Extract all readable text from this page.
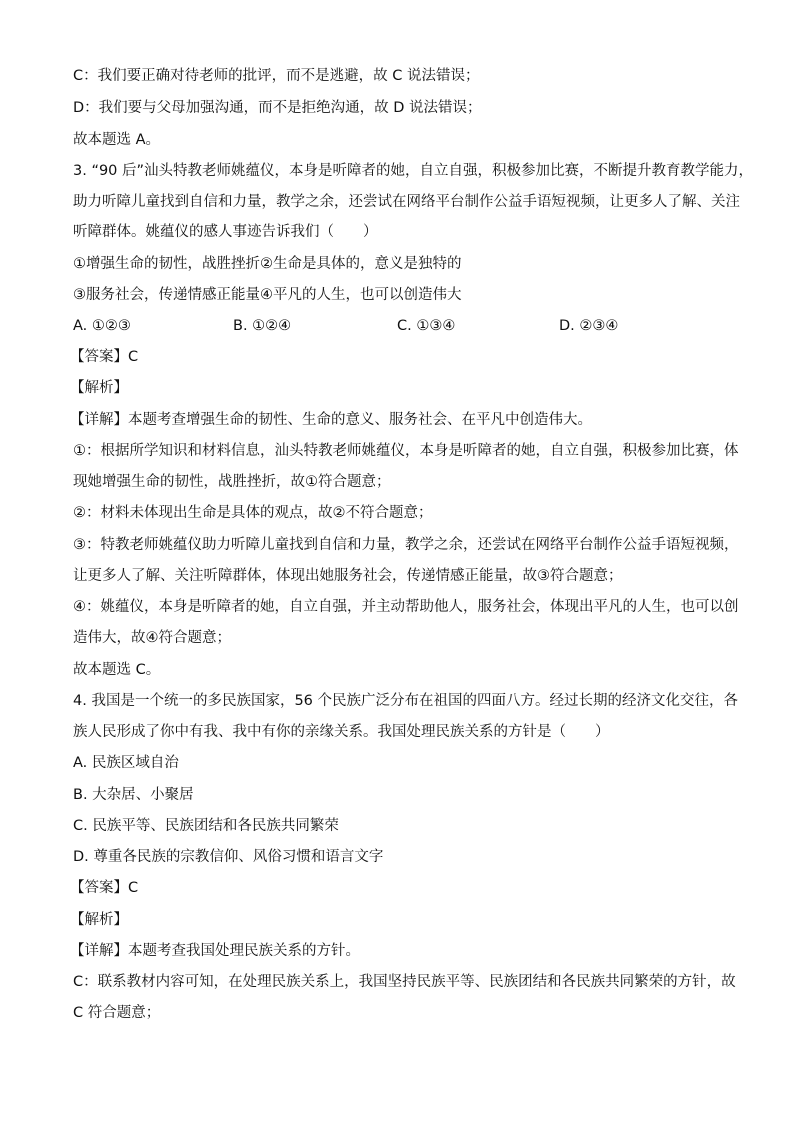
C：我们要正确对待老师的批评，而不是逃避，故 C 说法错误；
D：我们要与父母加强沟通，而不是拒绝沟通，故 D 说法错误；
故本题选 A。
3. “90 后”汕头特教老师姚蕴仪，本身是听障者的她，自立自强，积极参加比赛，不断提升教育教学能力，
助力听障儿童找到自信和力量，教学之余，还尝试在网络平台制作公益手语短视频，让更多人了解、关注
听障群体。姚蕴仪的感人事迹告诉我们（　　）
①增强生命的韧性，战胜挫折②生命是具体的，意义是独特的
③服务社会，传递情感正能量④平凡的人生，也可以创造伟大
A. ①②③	B. ①②④	C. ①③④	D. ②③④
【答案】C
【解析】
【详解】本题考查增强生命的韧性、生命的意义、服务社会、在平凡中创造伟大。
①：根据所学知识和材料信息，汕头特教老师姚蕴仪，本身是听障者的她，自立自强，积极参加比赛，体
现她增强生命的韧性，战胜挫折，故①符合题意；
②：材料未体现出生命是具体的观点，故②不符合题意；
③：特教老师姚蕴仪助力听障儿童找到自信和力量，教学之余，还尝试在网络平台制作公益手语短视频，
让更多人了解、关注听障群体，体现出她服务社会，传递情感正能量，故③符合题意；
④：姚蕴仪，本身是听障者的她，自立自强，并主动帮助他人，服务社会，体现出平凡的人生，也可以创
造伟大，故④符合题意；
故本题选 C。
4. 我国是一个统一的多民族国家，56 个民族广泛分布在祖国的四面八方。经过长期的经济文化交往，各
族人民形成了你中有我、我中有你的亲缘关系。我国处理民族关系的方针是（　　）
A. 民族区域自治
B. 大杂居、小聚居
C. 民族平等、民族团结和各民族共同繁荣
D. 尊重各民族的宗教信仰、风俗习惯和语言文字
【答案】C
【解析】
【详解】本题考查我国处理民族关系的方针。
C：联系教材内容可知，在处理民族关系上，我国坚持民族平等、民族团结和各民族共同繁荣的方针，故
C 符合题意；
